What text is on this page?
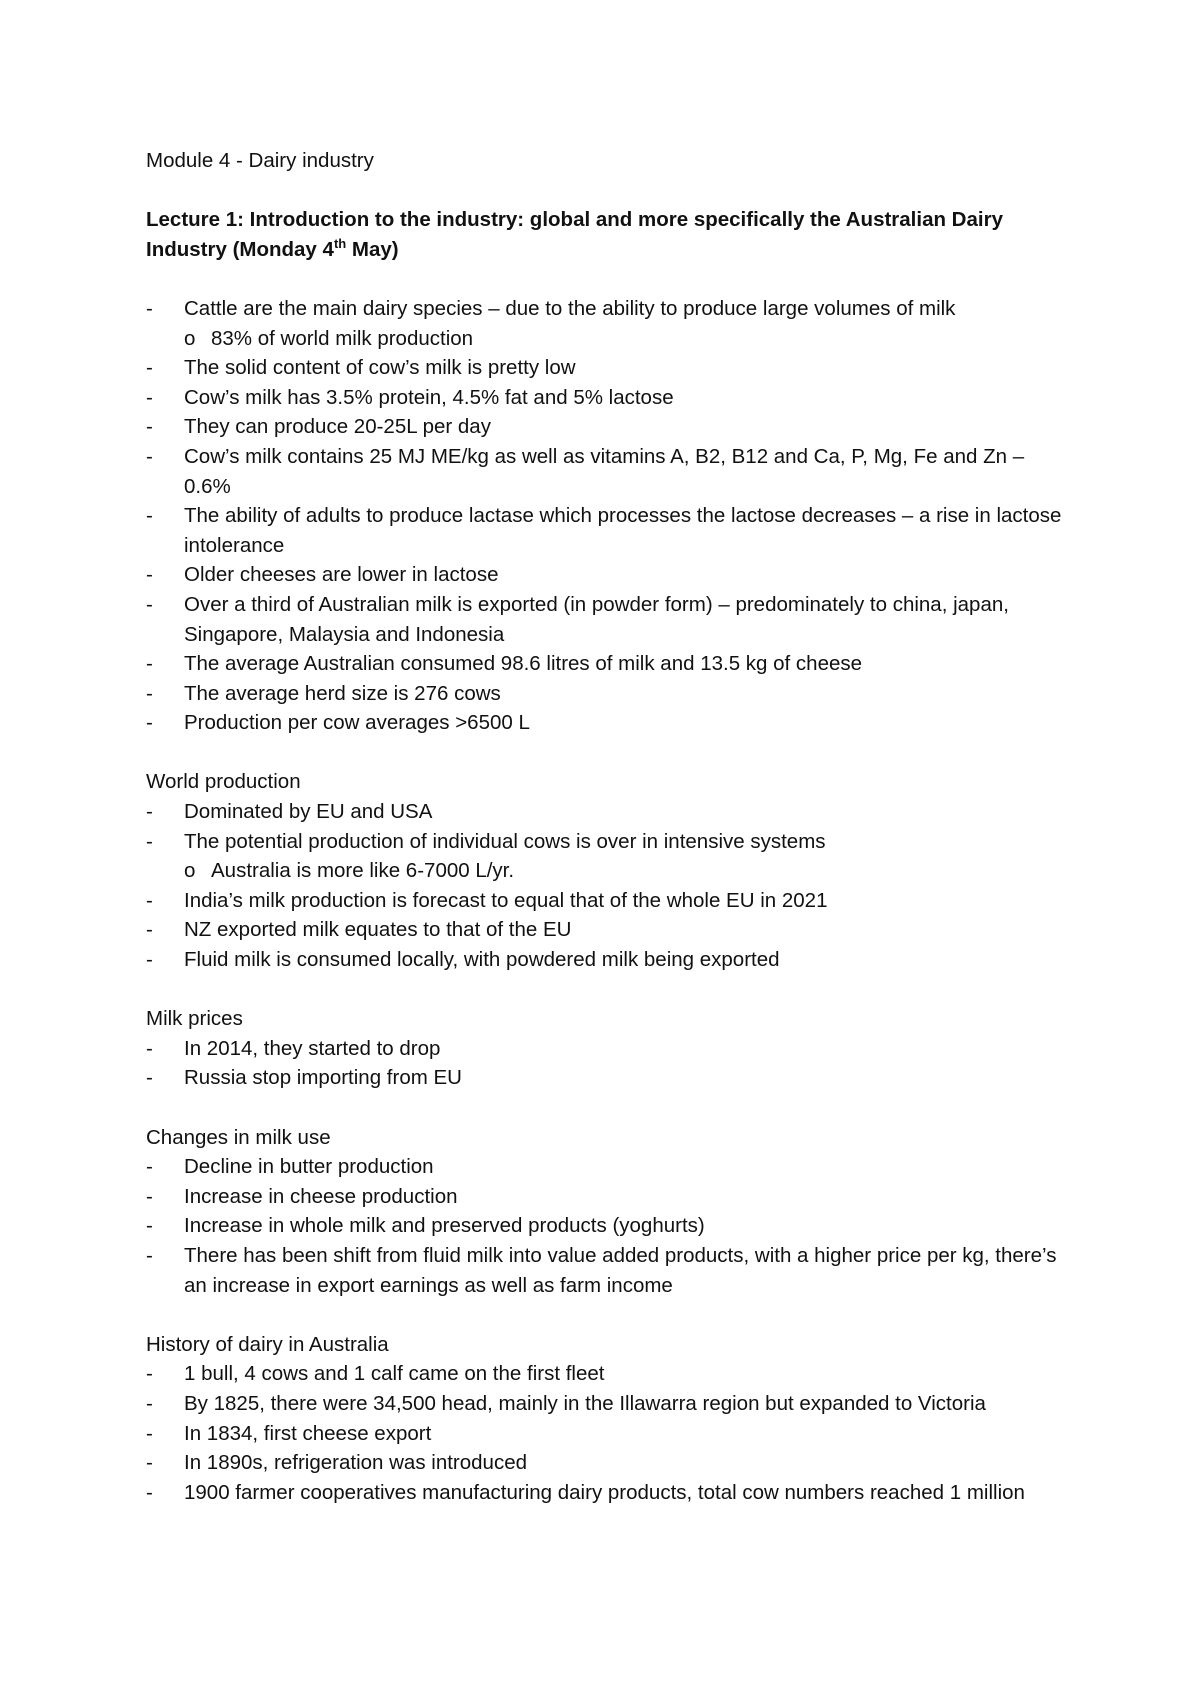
Module 4 - Dairy industry

Lecture 1: Introduction to the industry: global and more specifically the Australian Dairy Industry (Monday 4th May)

-	Cattle are the main dairy species – due to the ability to produce large volumes of milk

o 83% of world milk production

-	The solid content of cow’s milk is pretty low

-	Cow’s milk has 3.5% protein, 4.5% fat and 5% lactose

-	They can produce 20-25L per day

-	Cow’s milk contains 25 MJ ME/kg as well as vitamins A, B2, B12 and Ca, P, Mg, Fe and Zn – 0.6%

-	The ability of adults to produce lactase which processes the lactose decreases – a rise in lactose intolerance

-	Older cheeses are lower in lactose

-	Over a third of Australian milk is exported (in powder form) – predominately to china, japan, Singapore, Malaysia and Indonesia

-	The average Australian consumed 98.6 litres of milk and 13.5 kg of cheese

-	The average herd size is 276 cows

-	Production per cow averages >6500 L

World production

-	Dominated by EU and USA

-	The potential production of individual cows is over in intensive systems

o Australia is more like 6-7000 L/yr.

-	India’s milk production is forecast to equal that of the whole EU in 2021

-	NZ exported milk equates to that of the EU

-	Fluid milk is consumed locally, with powdered milk being exported

Milk prices

-	In 2014, they started to drop

-	Russia stop importing from EU

Changes in milk use

-	Decline in butter production

-	Increase in cheese production

-	Increase in whole milk and preserved products (yoghurts)

-	There has been shift from fluid milk into value added products, with a higher price per kg, there’s an increase in export earnings as well as farm income

History of dairy in Australia

-	1 bull, 4 cows and 1 calf came on the first fleet

-	By 1825, there were 34,500 head, mainly in the Illawarra region but expanded to Victoria

-	In 1834, first cheese export

-	In 1890s, refrigeration was introduced

-	1900 farmer cooperatives manufacturing dairy products, total cow numbers reached 1 million
